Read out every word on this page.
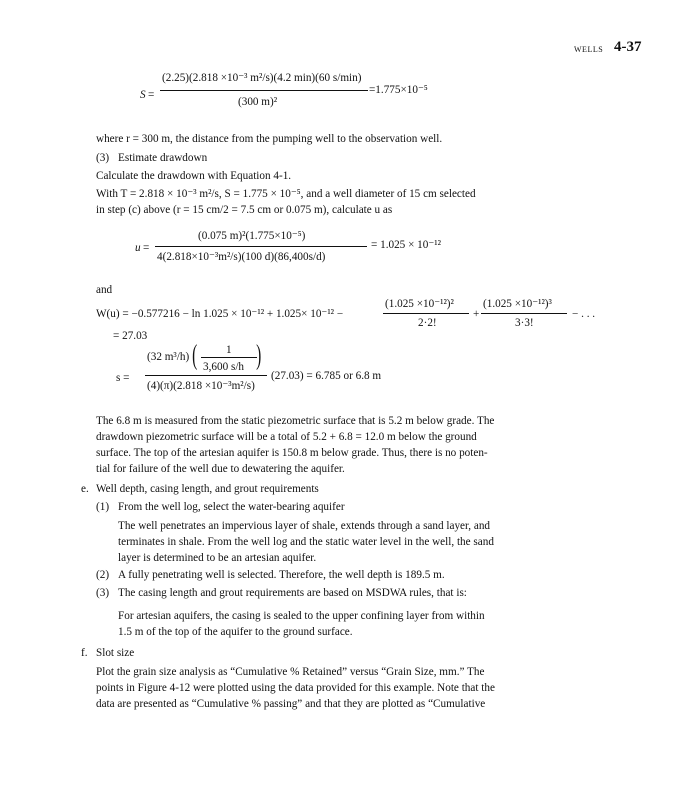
WELLS 4-37
S =
(2.25)(2.818 ×10⁻³ m²/s)(4.2 min)(60 s/min)
(300 m)²
=1.775×10⁻⁵
where r = 300 m, the distance from the pumping well to the observation well.
(3) Estimate drawdown
Calculate the drawdown with Equation 4-1.
With T = 2.818 × 10⁻³ m²/s, S = 1.775 × 10⁻⁵, and a well diameter of 15 cm selected
in step (c) above (r = 15 cm/2 = 7.5 cm or 0.075 m), calculate u as
u =
(0.075 m)²(1.775×10⁻⁵)
4(2.818×10⁻³m²/s)(100 d)(86,400s/d)
= 1.025 × 10⁻¹²
and
W(u) = −0.577216 − ln 1.025 × 10⁻¹² + 1.025× 10⁻¹² −
(1.025 ×10⁻¹²)²
2·2!
+
(1.025 ×10⁻¹²)³
3·3!
− . . .
= 27.03
s =
(32 m³/h) (	1
3,600 s/h )
(4)(π)(2.818 ×10⁻³m²/s)
(27.03) = 6.785 or 6.8 m
The 6.8 m is measured from the static piezometric surface that is 5.2 m below grade. The
drawdown piezometric surface will be a total of 5.2 + 6.8 = 12.0 m below the ground
surface. The top of the artesian aquifer is 150.8 m below grade. Thus, there is no poten-
tial for failure of the well due to dewatering the aquifer.
e. Well depth, casing length, and grout requirements
(1) From the well log, select the water-bearing aquifer
The well penetrates an impervious layer of shale, extends through a sand layer, and
terminates in shale. From the well log and the static water level in the well, the sand
layer is determined to be an artesian aquifer.
(2) A fully penetrating well is selected. Therefore, the well depth is 189.5 m.
(3) The casing length and grout requirements are based on MSDWA rules, that is:
For artesian aquifers, the casing is sealed to the upper confining layer from within
1.5 m of the top of the aquifer to the ground surface.
f. Slot size
Plot the grain size analysis as “Cumulative % Retained” versus “Grain Size, mm.” The
points in Figure 4-12 were plotted using the data provided for this example. Note that the
data are presented as “Cumulative % passing” and that they are plotted as “Cumulative
